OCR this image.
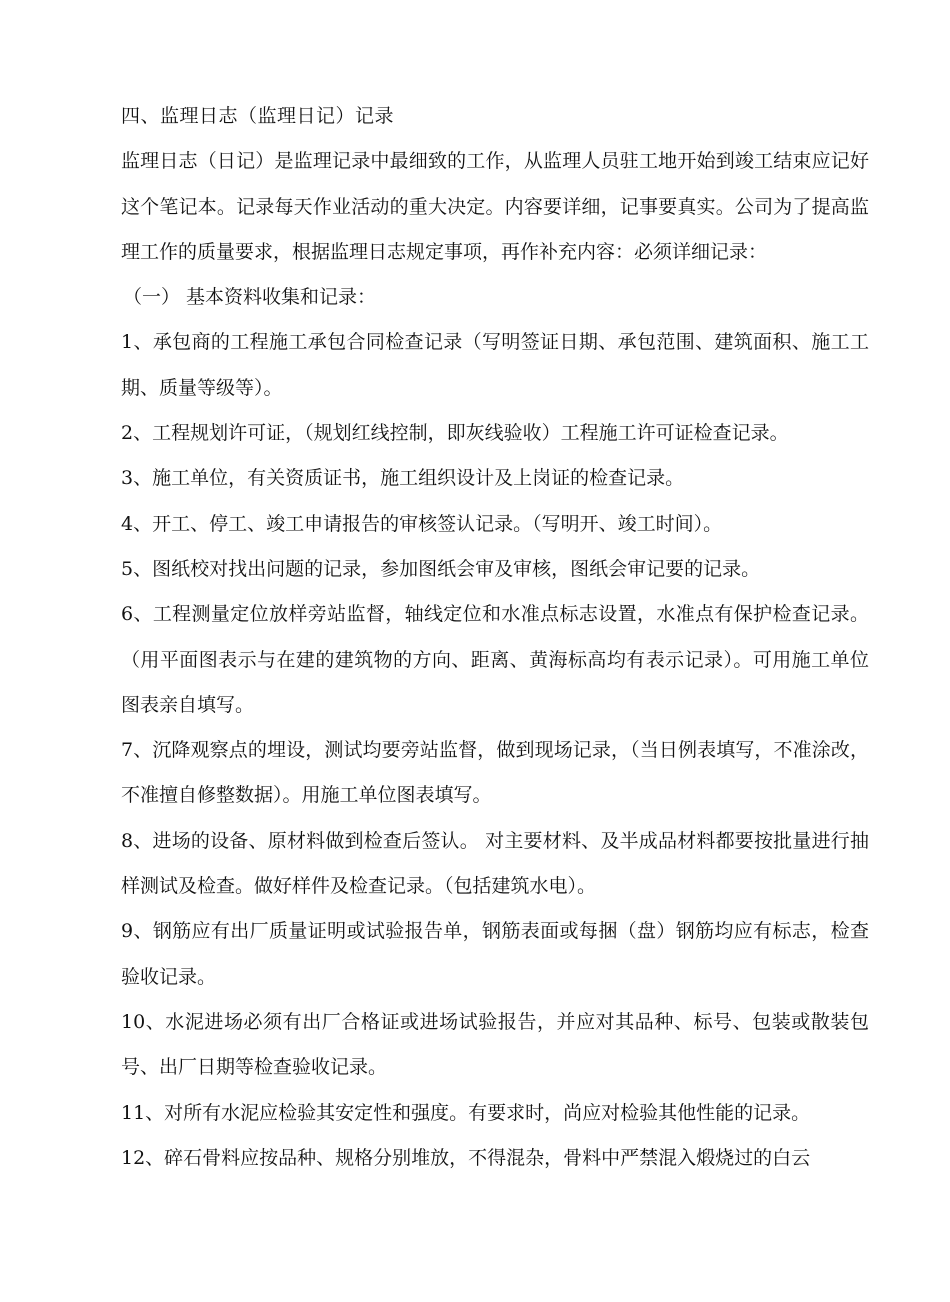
四、监理日志（监理日记）记录

监理日志（日记）是监理记录中最细致的工作，从监理人员驻工地开始到竣工结束应记好这个笔记本。记录每天作业活动的重大决定。内容要详细，记事要真实。公司为了提高监理工作的质量要求，根据监理日志规定事项，再作补充内容：必须详细记录：

（一） 基本资料收集和记录：

1、承包商的工程施工承包合同检查记录（写明签证日期、承包范围、建筑面积、施工工期、质量等级等）。

2、工程规划许可证，（规划红线控制，即灰线验收）工程施工许可证检查记录。

3、施工单位，有关资质证书，施工组织设计及上岗证的检查记录。

4、开工、停工、竣工申请报告的审核签认记录。（写明开、竣工时间）。

5、图纸校对找出问题的记录，参加图纸会审及审核，图纸会审记要的记录。

6、工程测量定位放样旁站监督，轴线定位和水准点标志设置，水准点有保护检查记录。（用平面图表示与在建的建筑物的方向、距离、黄海标高均有表示记录）。可用施工单位图表亲自填写。

7、沉降观察点的埋设，测试均要旁站监督，做到现场记录，（当日例表填写，不准涂改，不准擅自修整数据）。用施工单位图表填写。

8、进场的设备、原材料做到检查后签认。 对主要材料、及半成品材料都要按批量进行抽样测试及检查。做好样件及检查记录。（包括建筑水电）。

9、钢筋应有出厂质量证明或试验报告单，钢筋表面或每捆（盘）钢筋均应有标志，检查验收记录。

10、水泥进场必须有出厂合格证或进场试验报告，并应对其品种、标号、包装或散装包号、出厂日期等检查验收记录。

11、对所有水泥应检验其安定性和强度。有要求时，尚应对检验其他性能的记录。

12、碎石骨料应按品种、规格分别堆放，不得混杂，骨料中严禁混入煅烧过的白云
